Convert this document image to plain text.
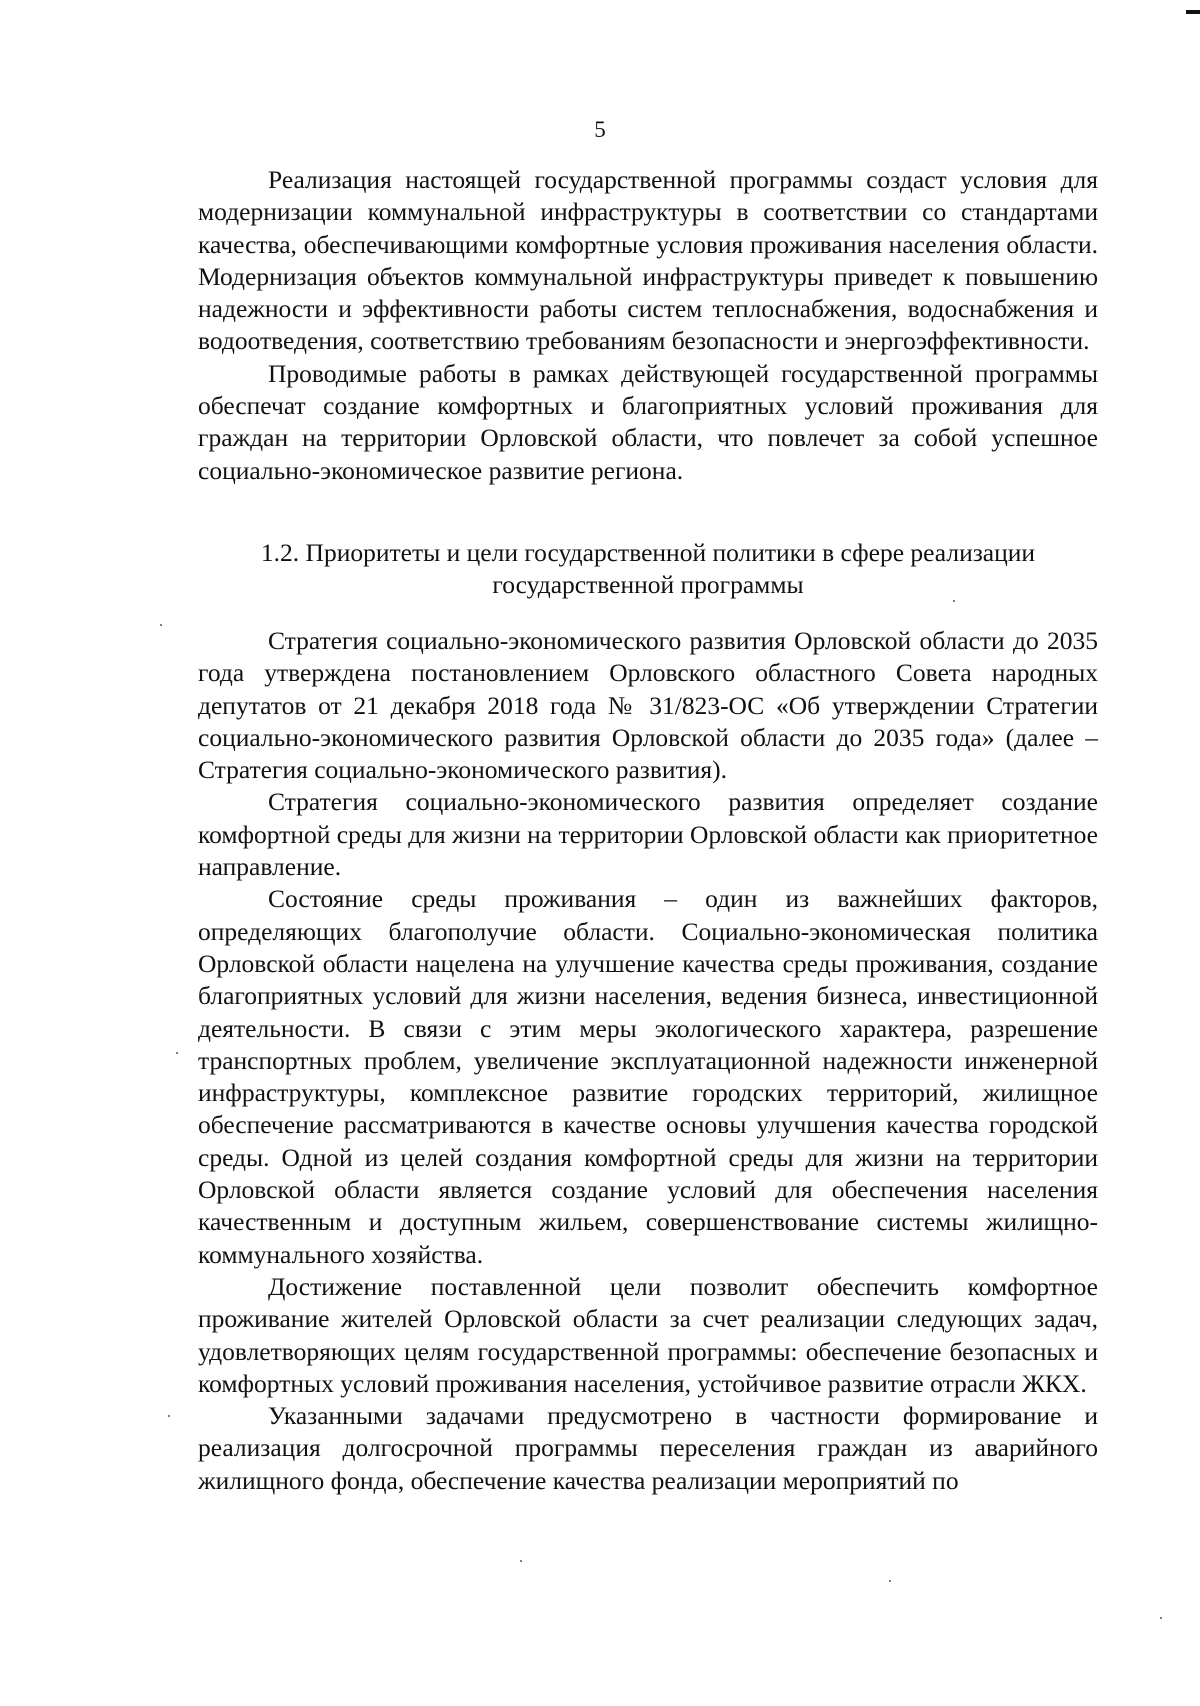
5

Реализация настоящей государственной программы создаст условия для модернизации коммунальной инфраструктуры в соответствии со стандартами качества, обеспечивающими комфортные условия проживания населения области. Модернизация объектов коммунальной инфраструктуры приведет к повышению надежности и эффективности работы систем теплоснабжения, водоснабжения и водоотведения, соответствию требованиям безопасности и энергоэффективности.

Проводимые работы в рамках действующей государственной программы обеспечат создание комфортных и благоприятных условий проживания для граждан на территории Орловской области, что повлечет за собой успешное социально-экономическое развитие региона.

1.2. Приоритеты и цели государственной политики в сфере реализации
государственной программы

Стратегия социально-экономического развития Орловской области до 2035 года утверждена постановлением Орловского областного Совета народных депутатов от 21 декабря 2018 года № 31/823-ОС «Об утверждении Стратегии социально-экономического развития Орловской области до 2035 года» (далее – Стратегия социально-экономического развития).

Стратегия социально-экономического развития определяет создание комфортной среды для жизни на территории Орловской области как приоритетное направление.

Состояние среды проживания – один из важнейших факторов, определяющих благополучие области. Социально-экономическая политика Орловской области нацелена на улучшение качества среды проживания, создание благоприятных условий для жизни населения, ведения бизнеса, инвестиционной деятельности. В связи с этим меры экологического характера, разрешение транспортных проблем, увеличение эксплуатационной надежности инженерной инфраструктуры, комплексное развитие городских территорий, жилищное обеспечение рассматриваются в качестве основы улучшения качества городской среды. Одной из целей создания комфортной среды для жизни на территории Орловской области является создание условий для обеспечения населения качественным и доступным жильем, совершенствование системы жилищно-коммунального хозяйства.

Достижение поставленной цели позволит обеспечить комфортное проживание жителей Орловской области за счет реализации следующих задач, удовлетворяющих целям государственной программы: обеспечение безопасных и комфортных условий проживания населения, устойчивое развитие отрасли ЖКХ.

Указанными задачами предусмотрено в частности формирование и реализация долгосрочной программы переселения граждан из аварийного жилищного фонда, обеспечение качества реализации мероприятий по
